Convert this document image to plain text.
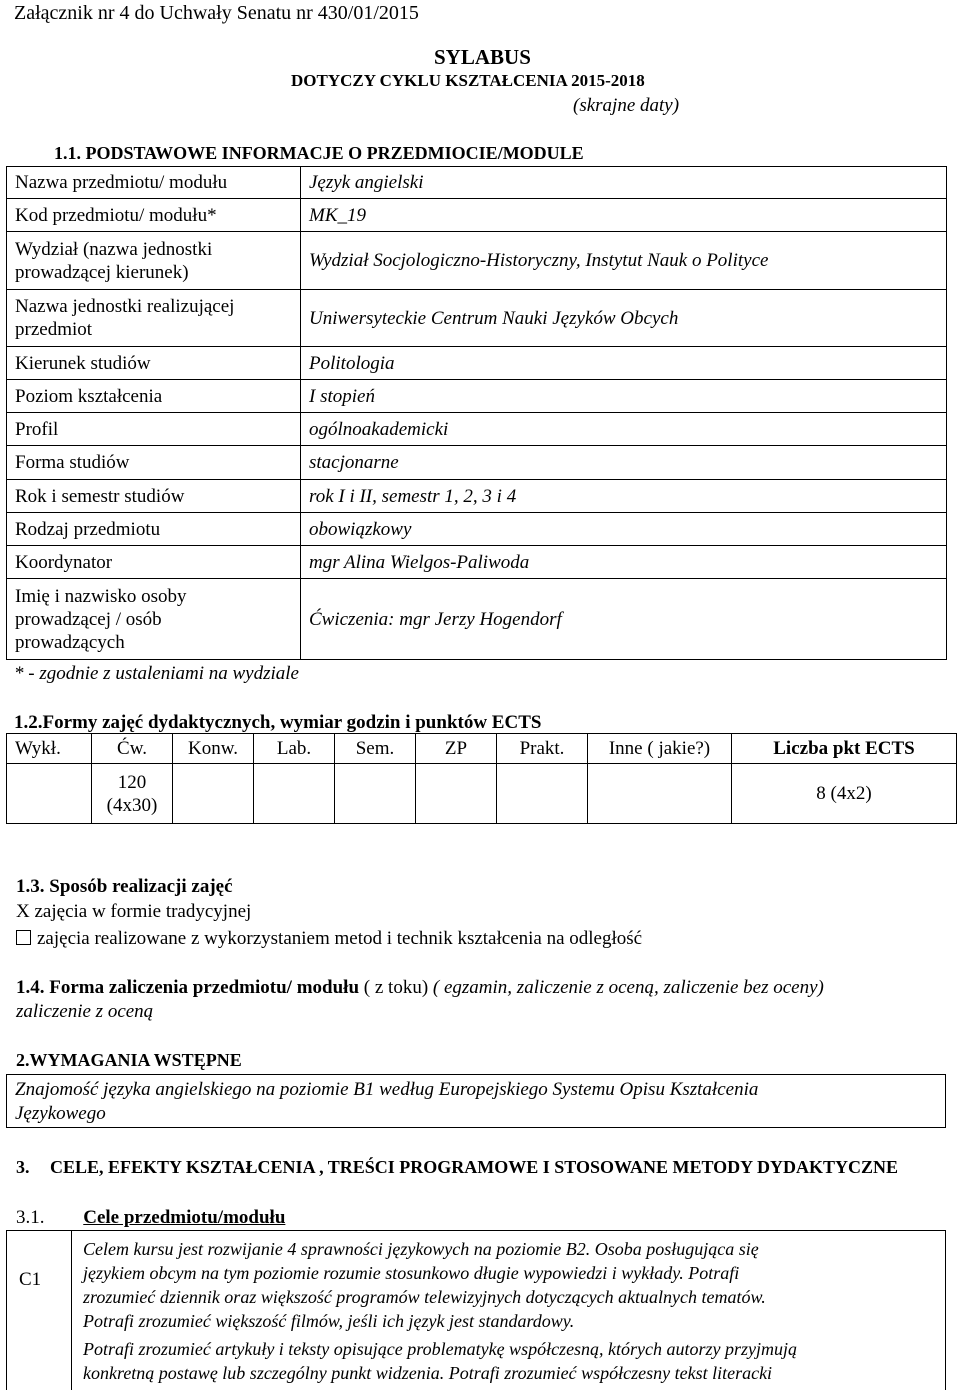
Załącznik nr 4 do Uchwały Senatu nr 430/01/2015
SYLABUS
DOTYCZY CYKLU KSZTAŁCENIA 2015-2018
(skrajne daty)
1.1. PODSTAWOWE INFORMACJE O PRZEDMIOCIE/MODULE
Nazwa przedmiotu/ modułu	Język angielski
Kod przedmiotu/ modułu*	MK_19
Wydział (nazwa jednostki prowadzącej kierunek)	Wydział Socjologiczno-Historyczny, Instytut Nauk o Polityce
Nazwa jednostki realizującej przedmiot	Uniwersyteckie Centrum Nauki Języków Obcych
Kierunek studiów	Politologia
Poziom kształcenia	I stopień
Profil	ogólnoakademicki
Forma studiów	stacjonarne
Rok i semestr studiów	rok I i II, semestr 1, 2, 3 i 4
Rodzaj przedmiotu	obowiązkowy
Koordynator	mgr Alina Wielgos-Paliwoda
Imię i nazwisko osoby prowadzącej / osób prowadzących	Ćwiczenia: mgr Jerzy Hogendorf
* - zgodnie z ustaleniami na wydziale
1.2.Formy zajęć dydaktycznych, wymiar godzin i punktów ECTS
Wykł.	Ćw.	Konw.	Lab.	Sem.	ZP	Prakt.	Inne ( jakie?)	Liczba pkt ECTS
	120 (4x30)							8 (4x2)
1.3. Sposób realizacji zajęć
X zajęcia w formie tradycyjnej
zajęcia realizowane z wykorzystaniem metod i technik kształcenia na odległość
1.4. Forma zaliczenia przedmiotu/ modułu ( z toku) ( egzamin, zaliczenie z oceną, zaliczenie bez oceny)
zaliczenie z oceną
2.WYMAGANIA WSTĘPNE
Znajomość języka angielskiego na poziomie B1 według Europejskiego Systemu Opisu Kształcenia
Językowego
3. CELE, EFEKTY KSZTAŁCENIA , TREŚCI PROGRAMOWE I STOSOWANE METODY DYDAKTYCZNE
3.1. Cele przedmiotu/modułu
C1
Celem kursu jest rozwijanie 4 sprawności językowych na poziomie B2. Osoba posługująca się
językiem obcym na tym poziomie rozumie stosunkowo długie wypowiedzi i wykłady. Potrafi
zrozumieć dziennik oraz większość programów telewizyjnych dotyczących aktualnych tematów.
Potrafi zrozumieć większość filmów, jeśli ich język jest standardowy.
Potrafi zrozumieć artykuły i teksty opisujące problematykę współczesną, których autorzy przyjmują
konkretną postawę lub szczególny punkt widzenia. Potrafi zrozumieć współczesny tekst literacki
